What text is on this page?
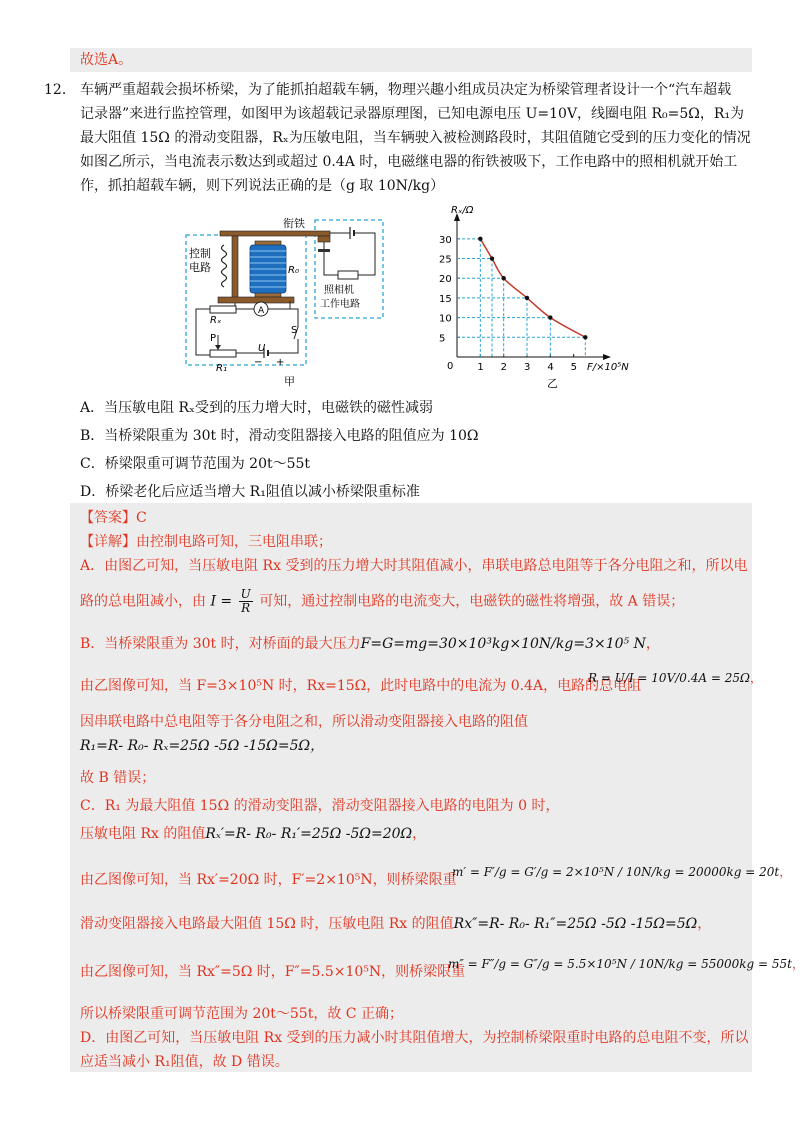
故选A。
12． 车辆严重超载会损坏桥梁，为了能抓拍超载车辆，物理兴趣小组成员决定为桥梁管理者设计一个“汽车超载
记录器”来进行监控管理，如图甲为该超载记录器原理图，已知电源电压 U=10V，线圈电阻 R₀=5Ω，R₁为
最大阻值 15Ω 的滑动变阻器，Rₓ为压敏电阻，当车辆驶入被检测路段时，其阻值随它受到的压力变化的情况
如图乙所示，当电流表示数达到或超过 0.4A 时，电磁继电器的衔铁被吸下，工作电路中的照相机就开始工
作，抓拍超载车辆，则下列说法正确的是（g 取 10N/kg）
A
衔铁
控制
电路	R₀
Rₓ
P
R₁
S
U
− +
照相机
工作电路
甲
1 2 3 4 5
5
10
15
20
25
30
0
Rₓ/Ω
F/×10⁵N
乙
A．当压敏电阻 Rₓ受到的压力增大时，电磁铁的磁性减弱
B．当桥梁限重为 30t 时，滑动变阻器接入电路的阻值应为 10Ω
C．桥梁限重可调节范围为 20t～55t
D．桥梁老化后应适当增大 R₁阻值以减小桥梁限重标准
【答案】C
【详解】由控制电路可知，三电阻串联；
A．由图乙可知，当压敏电阻 Rx 受到的压力增大时其阻值减小，串联电路总电阻等于各分电阻之和，所以电
路的总电阻减小，由 $I = \frac{U}{R}$ 可知，通过控制电路的电流变大，电磁铁的磁性将增强，故 A 错误；
B．当桥梁限重为 30t 时，对桥面的最大压力F=G=mg=30×10³kg×10N/kg=3×10⁵ N，
由乙图像可知，当 F=3×10⁵N 时，Rx=15Ω，此时电路中的电流为 0.4A，电路的总电阻
R = U/I = 10V/0.4A = 25Ω，
因串联电路中总电阻等于各分电阻之和，所以滑动变阻器接入电路的阻值
R₁=R- R₀- Rₓ=25Ω -5Ω -15Ω=5Ω，
故 B 错误；
C．R₁ 为最大阻值 15Ω 的滑动变阻器，滑动变阻器接入电路的电阻为 0 时，
压敏电阻 Rx 的阻值Rₓ′=R- R₀- R₁′=25Ω -5Ω=20Ω，
由乙图像可知，当 Rx′=20Ω 时，F′=2×10⁵N，则桥梁限重
m′ = F′/g = G′/g = 2×10⁵N / 10N/kg = 20000kg = 20t，
滑动变阻器接入电路最大阻值 15Ω 时，压敏电阻 Rx 的阻值Rx″=R- R₀- R₁″=25Ω -5Ω -15Ω=5Ω，
由乙图像可知，当 Rx″=5Ω 时，F″=5.5×10⁵N，则桥梁限重
m″ = F″/g = G″/g = 5.5×10⁵N / 10N/kg = 55000kg = 55t，
所以桥梁限重可调节范围为 20t～55t，故 C 正确；
D．由图乙可知，当压敏电阻 Rx 受到的压力减小时其阻值增大，为控制桥梁限重时电路的总电阻不变，所以
应适当减小 R₁阻值，故 D 错误。
